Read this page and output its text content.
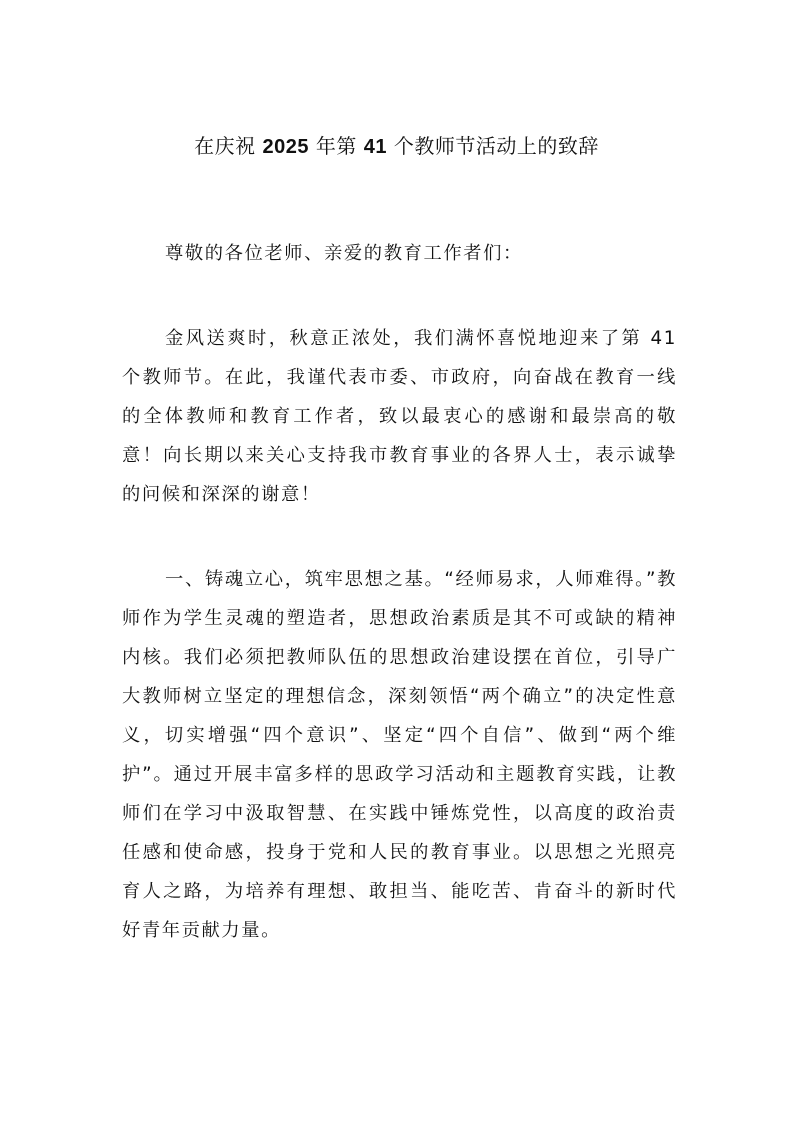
在庆祝 2025 年第 41 个教师节活动上的致辞

尊敬的各位老师、亲爱的教育工作者们：

金风送爽时，秋意正浓处，我们满怀喜悦地迎来了第 41 个教师节。在此，我谨代表市委、市政府，向奋战在教育一线的全体教师和教育工作者，致以最衷心的感谢和最崇高的敬意！向长期以来关心支持我市教育事业的各界人士，表示诚挚的问候和深深的谢意！

一、铸魂立心，筑牢思想之基。“经师易求，人师难得。”教师作为学生灵魂的塑造者，思想政治素质是其不可或缺的精神内核。我们必须把教师队伍的思想政治建设摆在首位，引导广大教师树立坚定的理想信念，深刻领悟“两个确立”的决定性意义，切实增强“四个意识”、坚定“四个自信”、做到“两个维护”。通过开展丰富多样的思政学习活动和主题教育实践，让教师们在学习中汲取智慧、在实践中锤炼党性，以高度的政治责任感和使命感，投身于党和人民的教育事业。以思想之光照亮育人之路，为培养有理想、敢担当、能吃苦、肯奋斗的新时代好青年贡献力量。
